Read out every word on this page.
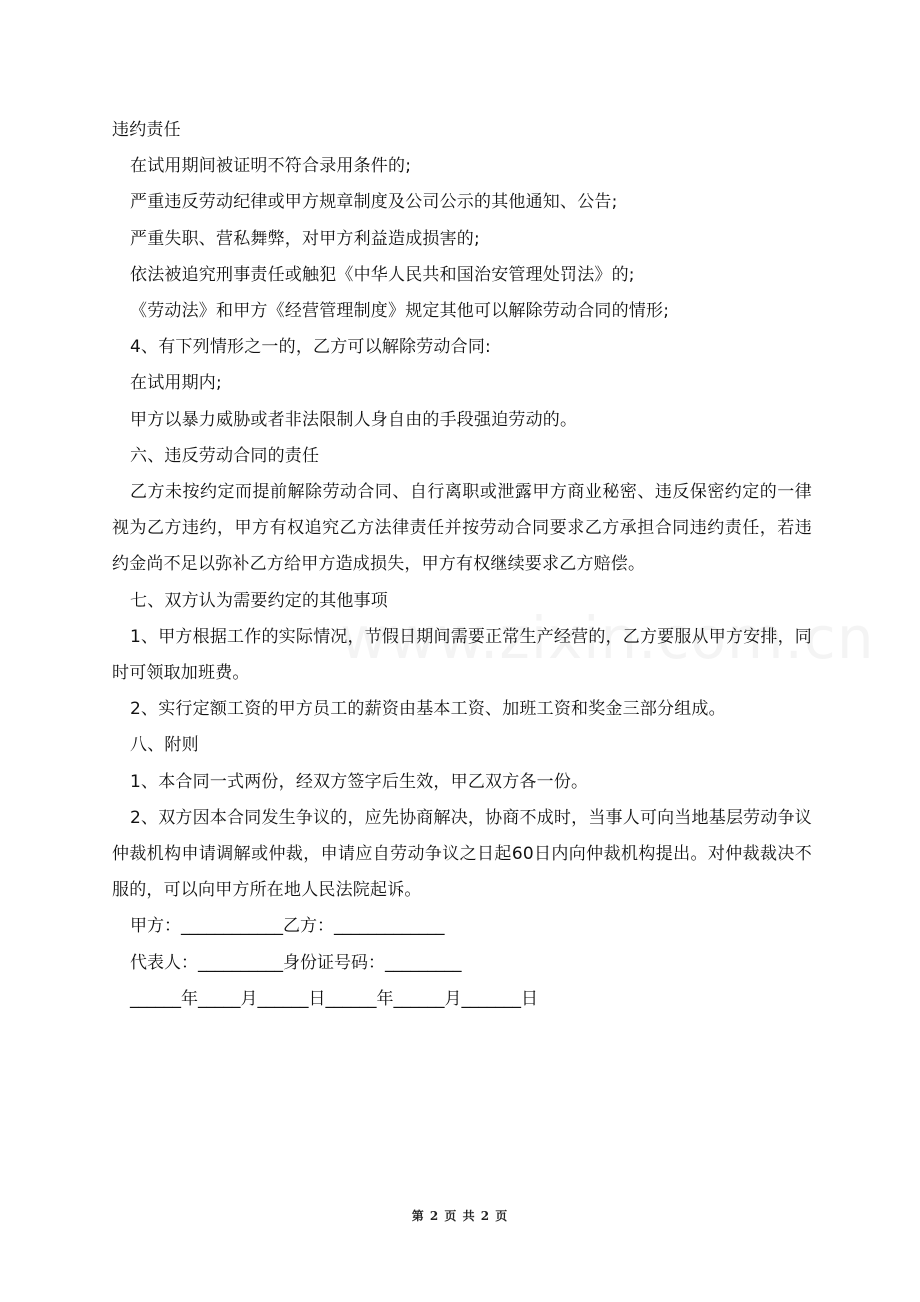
违约责任

在试用期间被证明不符合录用条件的;

严重违反劳动纪律或甲方规章制度及公司公示的其他通知、公告;

严重失职、营私舞弊，对甲方利益造成损害的;

依法被追究刑事责任或触犯《中华人民共和国治安管理处罚法》的;

《劳动法》和甲方《经营管理制度》规定其他可以解除劳动合同的情形;

4、有下列情形之一的，乙方可以解除劳动合同:

在试用期内;

甲方以暴力威胁或者非法限制人身自由的手段强迫劳动的。

六、违反劳动合同的责任

乙方未按约定而提前解除劳动合同、自行离职或泄露甲方商业秘密、违反保密约定的一律视为乙方违约，甲方有权追究乙方法律责任并按劳动合同要求乙方承担合同违约责任，若违约金尚不足以弥补乙方给甲方造成损失，甲方有权继续要求乙方赔偿。

七、双方认为需要约定的其他事项

1、甲方根据工作的实际情况，节假日期间需要正常生产经营的，乙方要服从甲方安排，同时可领取加班费。

2、实行定额工资的甲方员工的薪资由基本工资、加班工资和奖金三部分组成。

八、附则

1、本合同一式两份，经双方签字后生效，甲乙双方各一份。

2、双方因本合同发生争议的，应先协商解决，协商不成时，当事人可向当地基层劳动争议仲裁机构申请调解或仲裁，申请应自劳动争议之日起60日内向仲裁机构提出。对仲裁裁决不服的，可以向甲方所在地人民法院起诉。

甲方：____________乙方：_____________

代表人：__________身份证号码：_________

______年_____月______日______年______月_______日

第 2 页 共 2 页
